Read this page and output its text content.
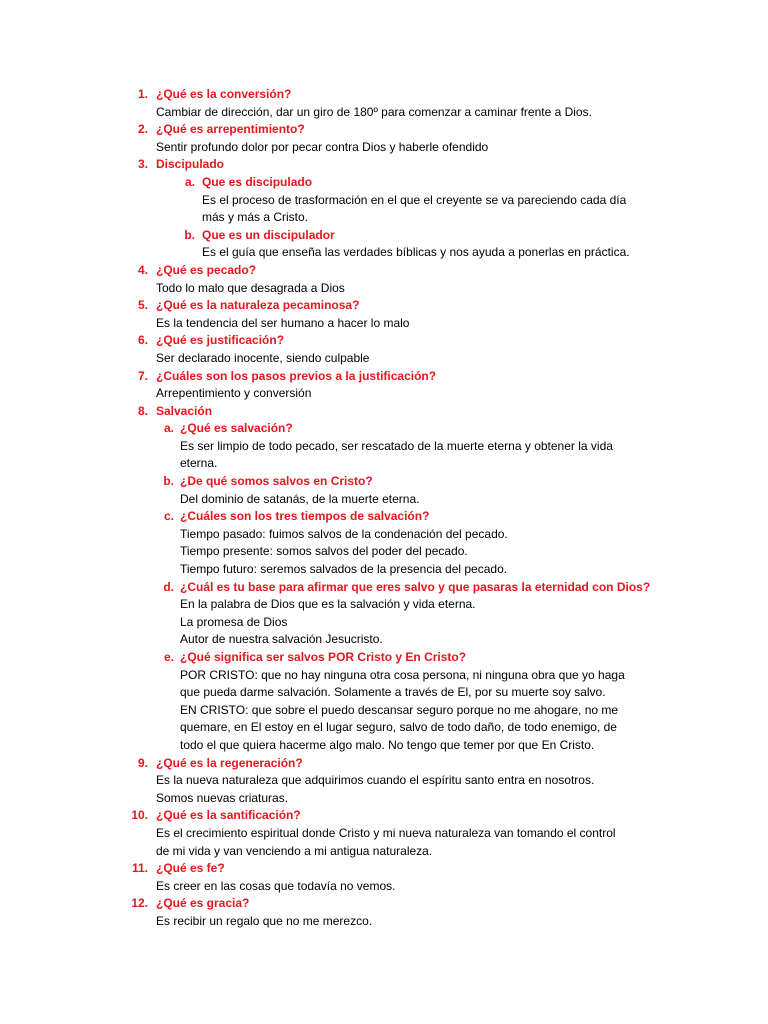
1. ¿Qué es la conversión?
Cambiar de dirección, dar un giro de 180º para comenzar a caminar frente a Dios.
2. ¿Qué es arrepentimiento?
Sentir profundo dolor por pecar contra Dios y haberle ofendido
3. Discipulado
a. Que es discipulado
Es el proceso de trasformación en el que el creyente se va pareciendo cada día
más y más a Cristo.
b. Que es un discipulador
Es el guía que enseña las verdades bíblicas y nos ayuda a ponerlas en práctica.
4. ¿Qué es pecado?
Todo lo malo que desagrada a Dios
5. ¿Qué es la naturaleza pecaminosa?
Es la tendencia del ser humano a hacer lo malo
6. ¿Qué es justificación?
Ser declarado inocente, siendo culpable
7. ¿Cuáles son los pasos previos a la justificación?
Arrepentimiento y conversión
8. Salvación
a. ¿Qué es salvación?
Es ser limpio de todo pecado, ser rescatado de la muerte eterna y obtener la vida
eterna.
b. ¿De qué somos salvos en Cristo?
Del dominio de satanás, de la muerte eterna.
c. ¿Cuáles son los tres tiempos de salvación?
Tiempo pasado: fuimos salvos de la condenación del pecado.
Tiempo presente: somos salvos del poder del pecado.
Tiempo futuro: seremos salvados de la presencia del pecado.
d. ¿Cuál es tu base para afirmar que eres salvo y que pasaras la eternidad con Dios?
En la palabra de Dios que es la salvación y vida eterna.
La promesa de Dios
Autor de nuestra salvación Jesucristo.
e. ¿Qué significa ser salvos POR Cristo y En Cristo?
POR CRISTO: que no hay ninguna otra cosa persona, ni ninguna obra que yo haga
que pueda darme salvación. Solamente a través de El, por su muerte soy salvo.
EN CRISTO: que sobre el puedo descansar seguro porque no me ahogare, no me
quemare, en El estoy en el lugar seguro, salvo de todo daño, de todo enemigo, de
todo el que quiera hacerme algo malo. No tengo que temer por que En Cristo.
9. ¿Qué es la regeneración?
Es la nueva naturaleza que adquirimos cuando el espíritu santo entra en nosotros.
Somos nuevas criaturas.
10. ¿Qué es la santificación?
Es el crecimiento espiritual donde Cristo y mi nueva naturaleza van tomando el control
de mi vida y van venciendo a mi antigua naturaleza.
11. ¿Qué es fe?
Es creer en las cosas que todavía no vemos.
12. ¿Qué es gracia?
Es recibir un regalo que no me merezco.
